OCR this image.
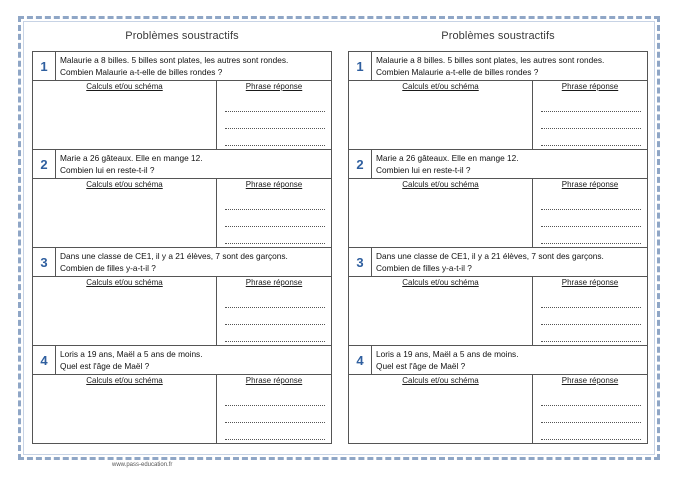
Problèmes soustractifs
1	Malaurie a 8 billes. 5 billes sont plates, les autres sont rondes.
Combien Malaurie a-t-elle de billes rondes ?
Calculs et/ou schéma	Phrase réponse
2	Marie a 26 gâteaux. Elle en mange 12.
Combien lui en reste-t-il ?
Calculs et/ou schéma	Phrase réponse
3	Dans une classe de CE1, il y a 21 élèves, 7 sont des garçons.
Combien de filles y-a-t-il ?
Calculs et/ou schéma	Phrase réponse
4	Loris a 19 ans, Maël a 5 ans de moins.
Quel est l'âge de Maël ?
Calculs et/ou schéma	Phrase réponse
Problèmes soustractifs
1	Malaurie a 8 billes. 5 billes sont plates, les autres sont rondes.
Combien Malaurie a-t-elle de billes rondes ?
Calculs et/ou schéma	Phrase réponse
2	Marie a 26 gâteaux. Elle en mange 12.
Combien lui en reste-t-il ?
Calculs et/ou schéma	Phrase réponse
3	Dans une classe de CE1, il y a 21 élèves, 7 sont des garçons.
Combien de filles y-a-t-il ?
Calculs et/ou schéma	Phrase réponse
4	Loris a 19 ans, Maël a 5 ans de moins.
Quel est l'âge de Maël ?
Calculs et/ou schéma	Phrase réponse
www.pass-education.fr
